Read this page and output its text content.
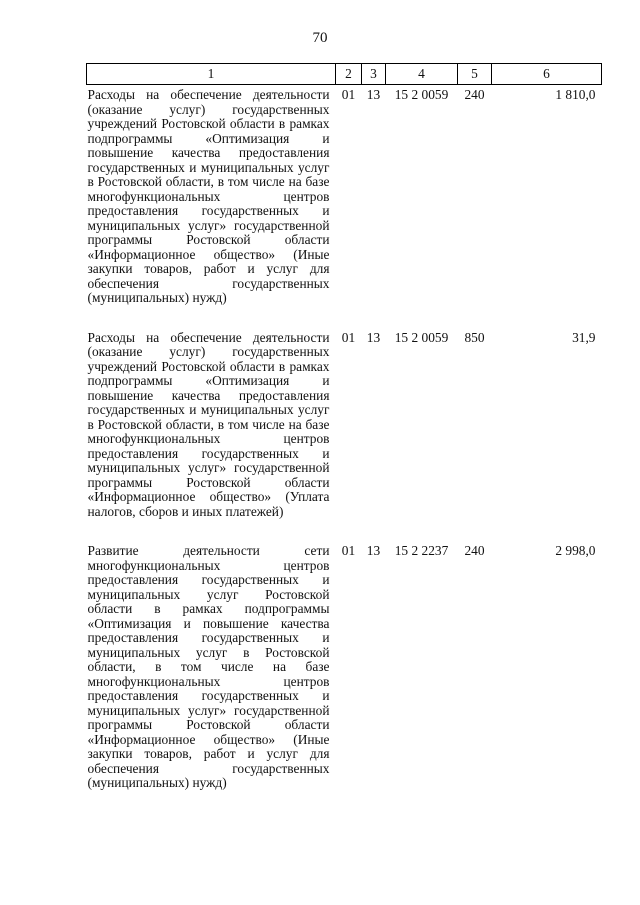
70
1	2	3	4	5	6
Расходы на обеспечение деятельности (оказание услуг) государственных учреждений Ростовской области в рамках подпрограммы «Оптимизация и повышение качества предоставления государственных и муниципальных услуг в Ростовской области, в том числе на базе многофункциональных центров предоставления государственных и муниципальных услуг» государственной программы Ростовской области «Информационное общество» (Иные закупки товаров, работ и услуг для обеспечения государственных (муниципальных) нужд)	01	13	15 2 0059	240	1 810,0
Расходы на обеспечение деятельности (оказание услуг) государственных учреждений Ростовской области в рамках подпрограммы «Оптимизация и повышение качества предоставления государственных и муниципальных услуг в Ростовской области, в том числе на базе многофункциональных центров предоставления государственных и муниципальных услуг» государственной программы Ростовской области «Информационное общество» (Уплата налогов, сборов и иных платежей)	01	13	15 2 0059	850	31,9
Развитие деятельности сети многофункциональных центров предоставления государственных и муниципальных услуг Ростовской области в рамках подпрограммы «Оптимизация и повышение качества предоставления государственных и муниципальных услуг в Ростовской области, в том числе на базе многофункциональных центров предоставления государственных и муниципальных услуг» государственной программы Ростовской области «Информационное общество» (Иные закупки товаров, работ и услуг для обеспечения государственных (муниципальных) нужд)	01	13	15 2 2237	240	2 998,0
